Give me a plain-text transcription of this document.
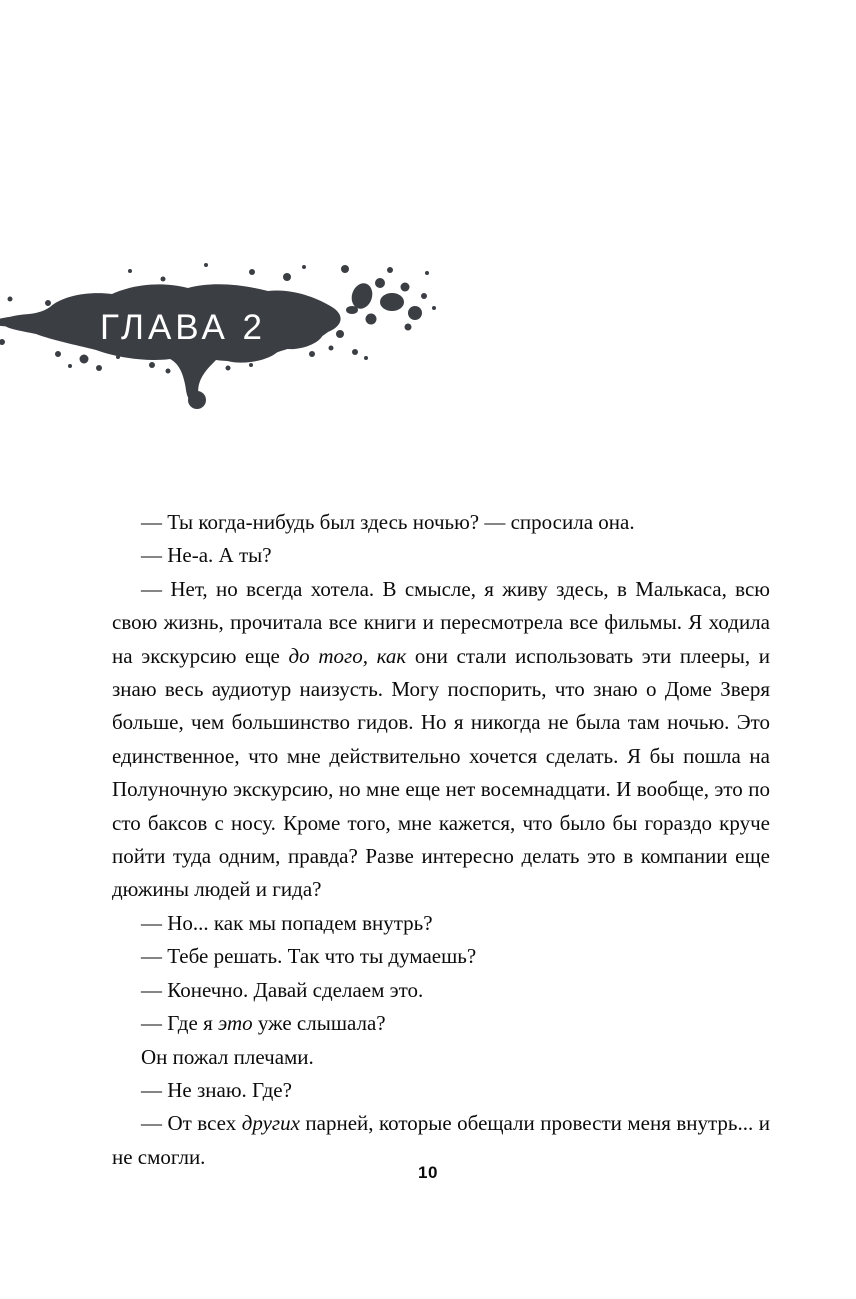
ГЛАВА 2

— Ты когда-нибудь был здесь ночью? — спросила она.

— Не-а. А ты?

— Нет, но всегда хотела. В смысле, я живу здесь, в Малькаса, всю свою жизнь, прочитала все книги и пересмотрела все фильмы. Я ходила на экскурсию еще до того, как они стали использовать эти плееры, и знаю весь аудиотур наизусть. Могу поспорить, что знаю о Доме Зверя больше, чем большинство гидов. Но я никогда не была там ночью. Это единственное, что мне действительно хочется сделать. Я бы пошла на Полуночную экскурсию, но мне еще нет восемнадцати. И вообще, это по сто баксов с носу. Кроме того, мне кажется, что было бы гораздо круче пойти туда одним, правда? Разве интересно делать это в компании еще дюжины людей и гида?

— Но... как мы попадем внутрь?

— Тебе решать. Так что ты думаешь?

— Конечно. Давай сделаем это.

— Где я это уже слышала?

Он пожал плечами.

— Не знаю. Где?

— От всех других парней, которые обещали провести меня внутрь... и не смогли.

10
